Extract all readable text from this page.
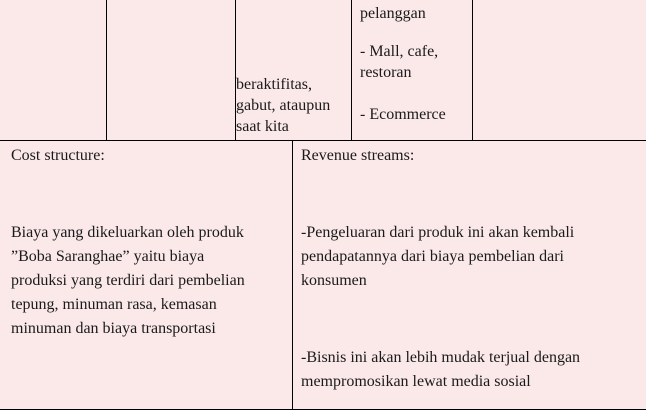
beraktifitas,
gabut, ataupun
saat kita
pelanggan
- Mall, cafe,
restoran
- Ecommerce
Cost structure:
Biaya yang dikeluarkan oleh produk
”Boba Saranghae” yaitu biaya
produksi yang terdiri dari pembelian
tepung, minuman rasa, kemasan
minuman dan biaya transportasi
Revenue streams:
-Pengeluaran dari produk ini akan kembali
pendapatannya dari biaya pembelian dari
konsumen
-Bisnis ini akan lebih mudak terjual dengan
mempromosikan lewat media sosial
